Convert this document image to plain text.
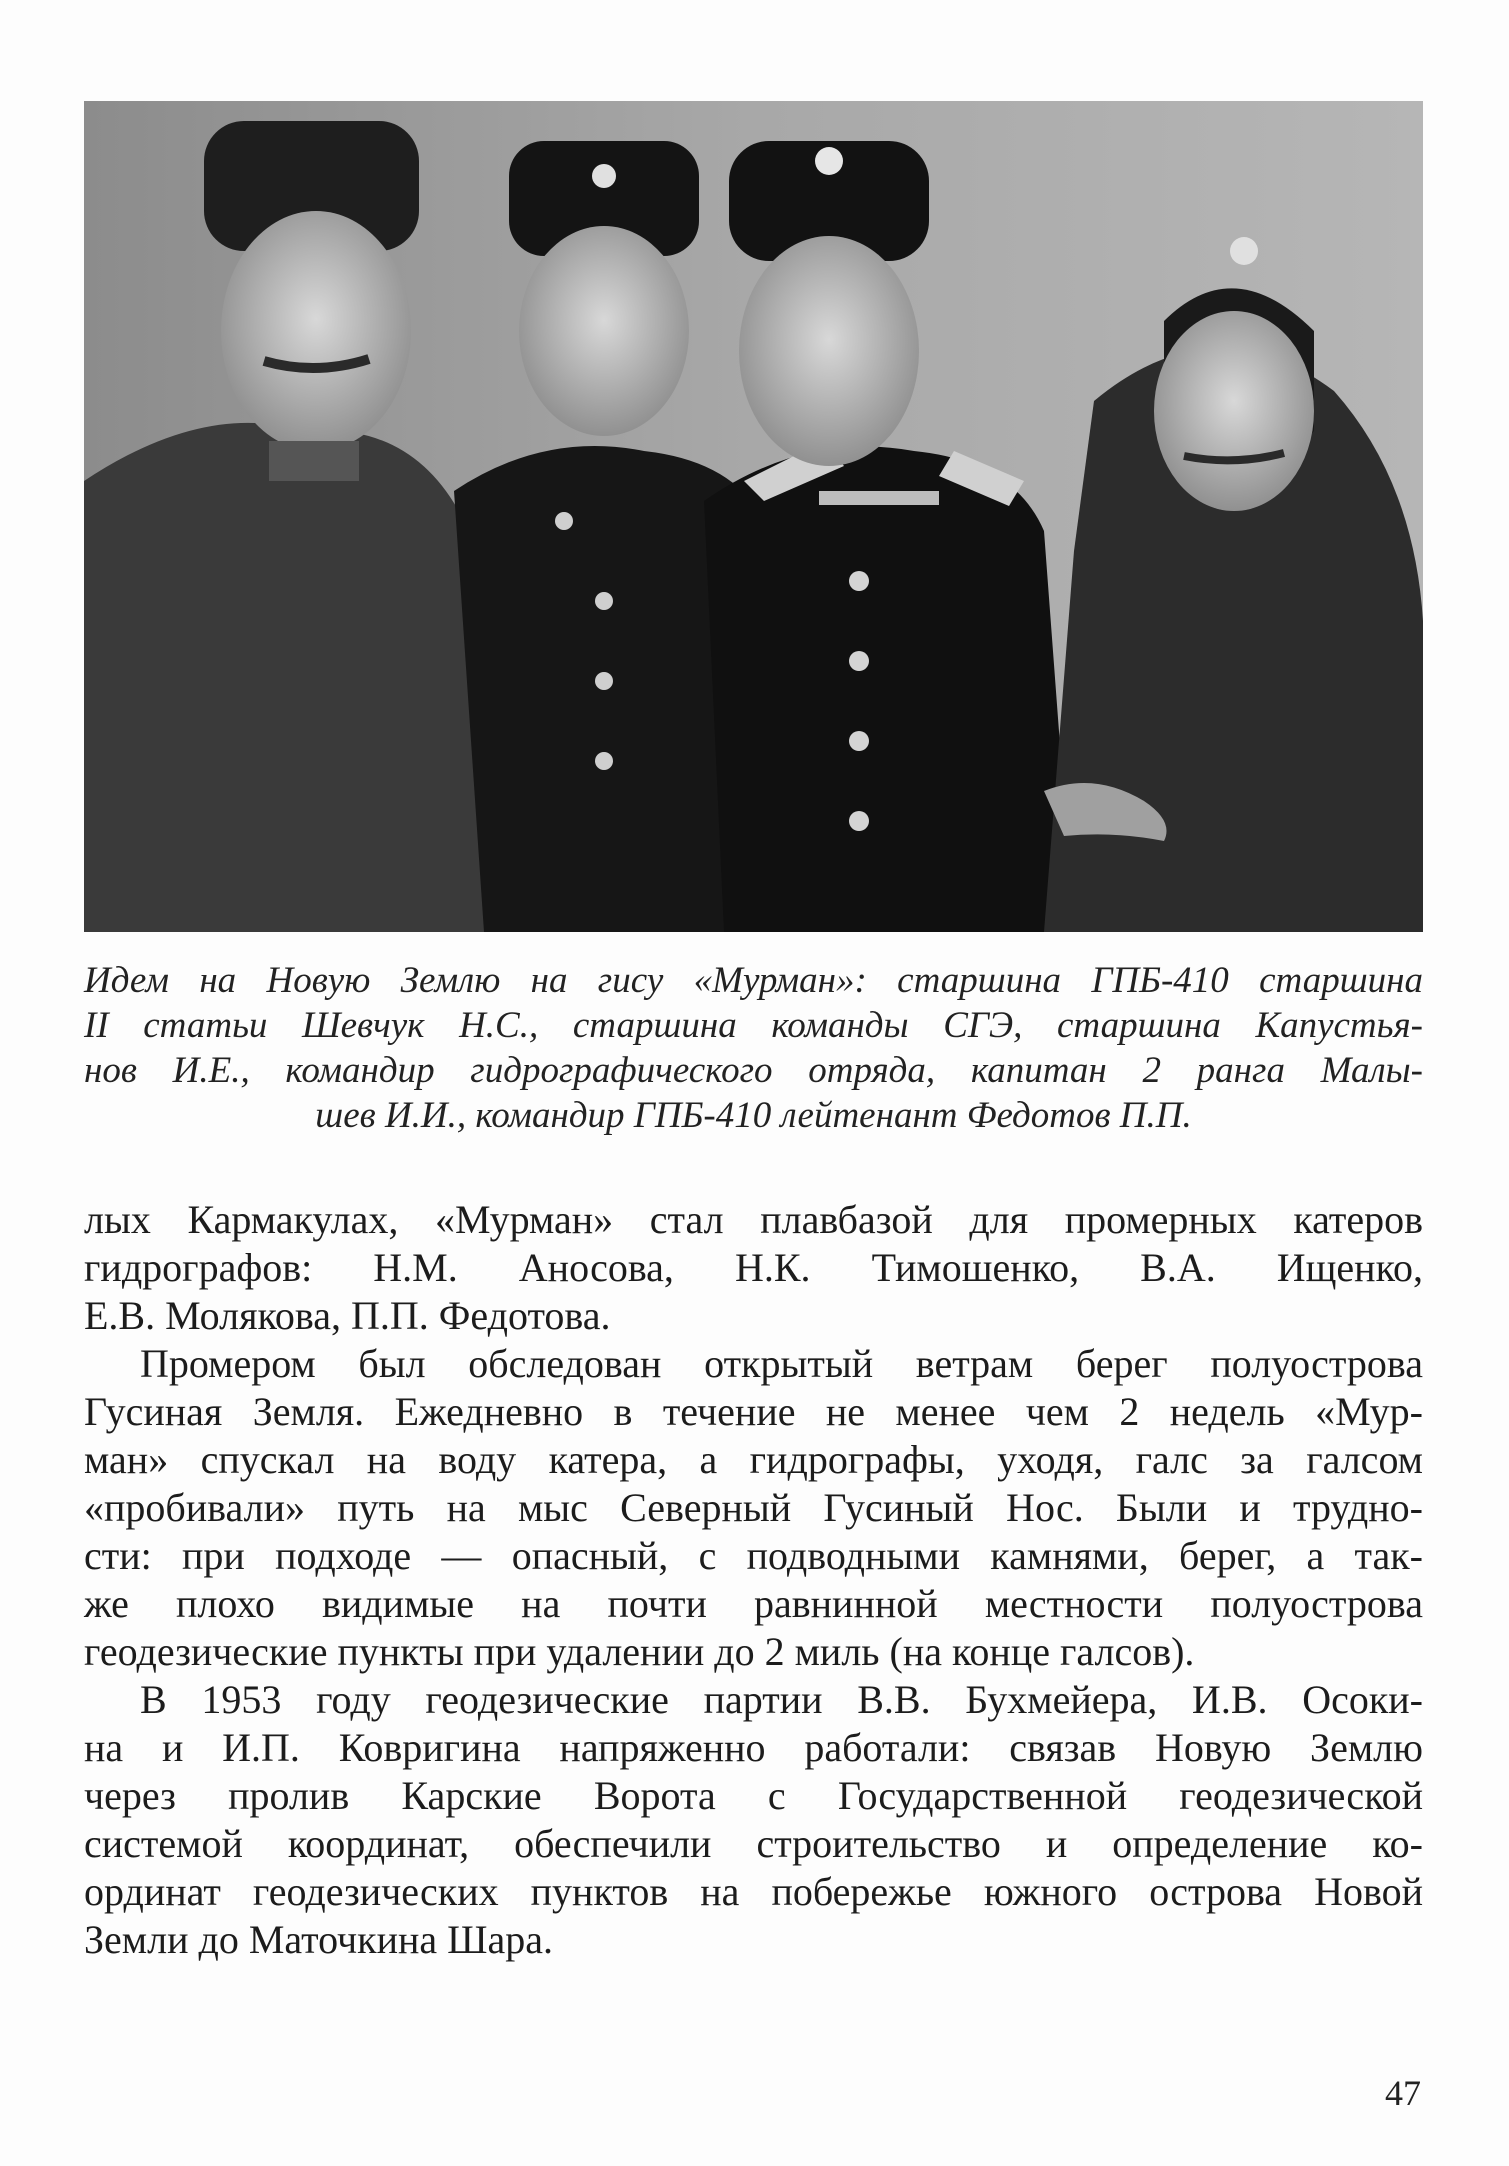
Идем на Новую Землю на гису «Мурман»: старшина ГПБ-410 старшина
II статьи Шевчук Н.С., старшина команды СГЭ, старшина Капустья-
нов И.Е., командир гидрографического отряда, капитан 2 ранга Малы-
шев И.И., командир ГПБ-410 лейтенант Федотов П.П.
лых Кармакулах, «Мурман» стал плавбазой для промерных катеров
гидрографов: Н.М. Аносова, Н.К. Тимошенко, В.А. Ищенко,
Е.В. Молякова, П.П. Федотова.
Промером был обследован открытый ветрам берег полуострова
Гусиная Земля. Ежедневно в течение не менее чем 2 недель «Мур-
ман» спускал на воду катера, а гидрографы, уходя, галс за галсом
«пробивали» путь на мыс Северный Гусиный Нос. Были и трудно-
сти: при подходе — опасный, с подводными камнями, берег, а так-
же плохо видимые на почти равнинной местности полуострова
геодезические пункты при удалении до 2 миль (на конце галсов).
В 1953 году геодезические партии В.В. Бухмейера, И.В. Осоки-
на и И.П. Ковригина напряженно работали: связав Новую Землю
через пролив Карские Ворота с Государственной геодезической
системой координат, обеспечили строительство и определение ко-
ординат геодезических пунктов на побережье южного острова Новой
Земли до Маточкина Шара.
47
